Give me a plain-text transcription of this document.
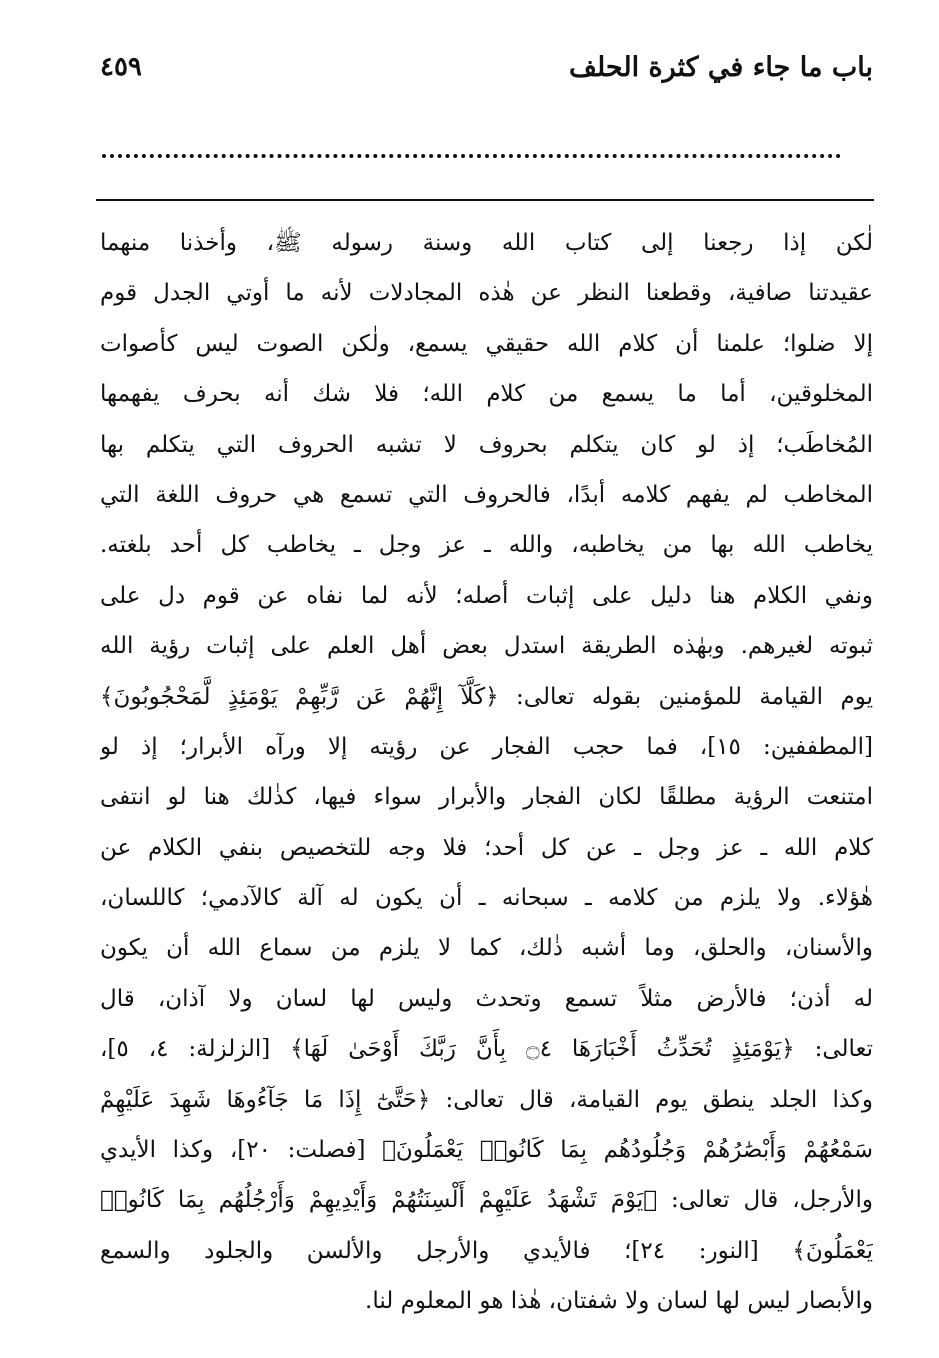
باب ما جاء في كثرة الحلف
٤٥٩
لٰكن إذا رجعنا إلى كتاب الله وسنة رسوله ﷺ، وأخذنا منهما
عقيدتنا صافية، وقطعنا النظر عن هٰذه المجادلات لأنه ما أوتي الجدل قوم
إلا ضلوا؛ علمنا أن كلام الله حقيقي يسمع، ولٰكن الصوت ليس كأصوات
المخلوقين، أما ما يسمع من كلام الله؛ فلا شك أنه بحرف يفهمها
المُخاطَب؛ إذ لو كان يتكلم بحروف لا تشبه الحروف التي يتكلم بها
المخاطب لم يفهم كلامه أبدًا، فالحروف التي تسمع هي حروف اللغة التي
يخاطب الله بها من يخاطبه، والله ـ عز وجل ـ يخاطب كل أحد بلغته.
ونفي الكلام هنا دليل على إثبات أصله؛ لأنه لما نفاه عن قوم دل على
ثبوته لغيرهم. وبهٰذه الطريقة استدل بعض أهل العلم على إثبات رؤية الله
يوم القيامة للمؤمنين بقوله تعالى: ﴿كَلَّآ إِنَّهُمْ عَن رَّبِّهِمْ يَوْمَئِذٍ لَّمَحْجُوبُونَ﴾
[المطففين: ١٥]، فما حجب الفجار عن رؤيته إلا ورآه الأبرار؛ إذ لو
امتنعت الرؤية مطلقًا لكان الفجار والأبرار سواء فيها، كذٰلك هنا لو انتفى
كلام الله ـ عز وجل ـ عن كل أحد؛ فلا وجه للتخصيص بنفي الكلام عن
هٰؤلاء. ولا يلزم من كلامه ـ سبحانه ـ أن يكون له آلة كالآدمي؛ كاللسان،
والأسنان، والحلق، وما أشبه ذٰلك، كما لا يلزم من سماع الله أن يكون
له أذن؛ فالأرض مثلاً تسمع وتحدث وليس لها لسان ولا آذان، قال
تعالى: ﴿يَوْمَئِذٍ تُحَدِّثُ أَخْبَارَهَا ۝٤ بِأَنَّ رَبَّكَ أَوْحَىٰ لَهَا﴾ [الزلزلة: ٤، ٥]،
وكذا الجلد ينطق يوم القيامة، قال تعالى: ﴿حَتَّىٰٓ إِذَا مَا جَآءُوهَا شَهِدَ عَلَيْهِمْ
سَمْعُهُمْ وَأَبْصَٰرُهُمْ وَجُلُودُهُم بِمَا كَانُوا۟ يَعْمَلُونَ﴾ [فصلت: ٢٠]، وكذا الأيدي
والأرجل، قال تعالى: ﴿يَوْمَ تَشْهَدُ عَلَيْهِمْ أَلْسِنَتُهُمْ وَأَيْدِيهِمْ وَأَرْجُلُهُم بِمَا كَانُوا۟
يَعْمَلُونَ﴾ [النور: ٢٤]؛ فالأيدي والأرجل والألسن والجلود والسمع
والأبصار ليس لها لسان ولا شفتان، هٰذا هو المعلوم لنا.
